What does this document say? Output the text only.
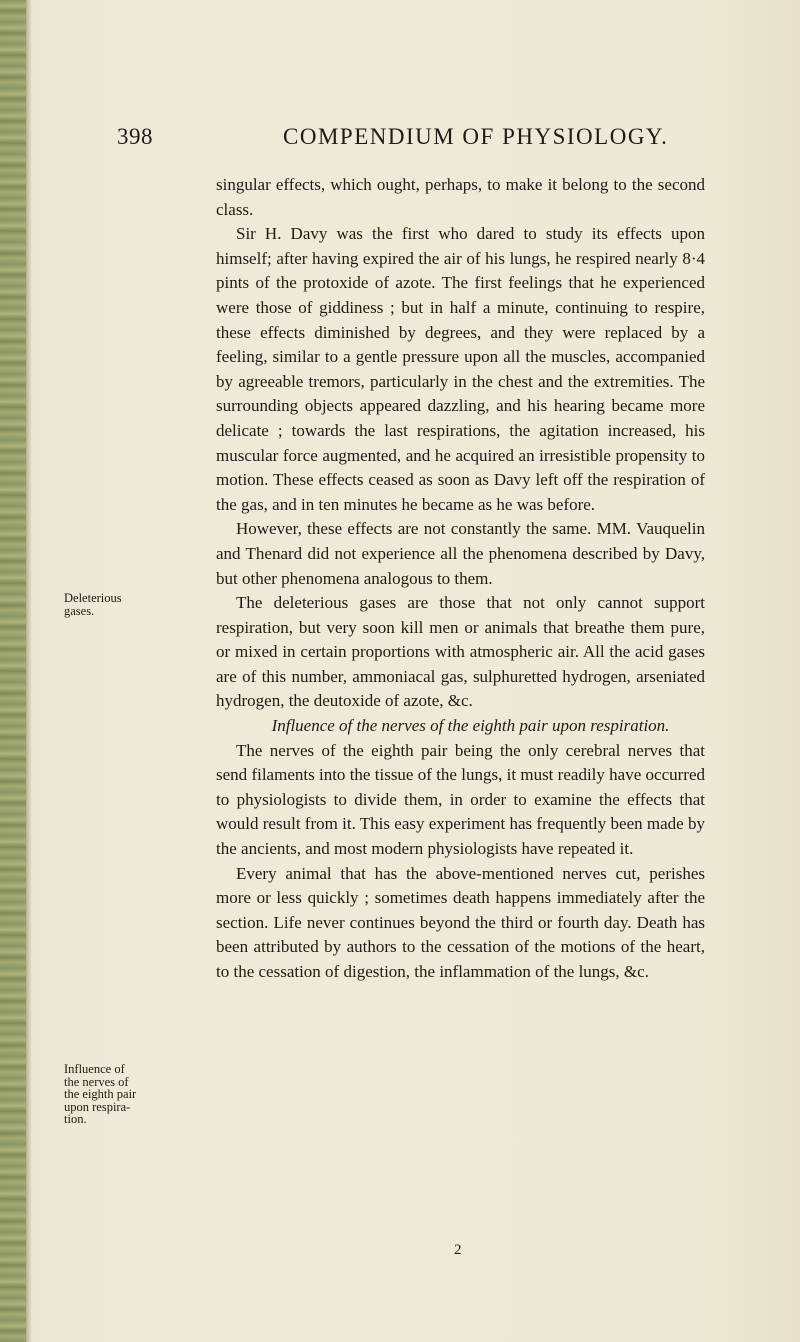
398	COMPENDIUM OF PHYSIOLOGY.

singular effects, which ought, perhaps, to make it belong to the second class.

Sir H. Davy was the first who dared to study its effects upon himself; after having expired the air of his lungs, he respired nearly 8·4 pints of the protoxide of azote. The first feelings that he experienced were those of giddiness ; but in half a minute, continuing to respire, these effects diminished by degrees, and they were replaced by a feeling, similar to a gentle pressure upon all the muscles, accompanied by agreeable tremors, particularly in the chest and the extremities. The surrounding objects appeared dazzling, and his hearing became more delicate ; towards the last respirations, the agitation increased, his muscular force augmented, and he acquired an irresistible propensity to motion. These effects ceased as soon as Davy left off the respiration of the gas, and in ten minutes he became as he was before.

However, these effects are not constantly the same. MM. Vauquelin and Thenard did not experience all the phenomena described by Davy, but other phenomena analogous to them.

The deleterious gases are those that not only cannot support respiration, but very soon kill men or animals that breathe them pure, or mixed in certain proportions with atmospheric air. All the acid gases are of this number, ammoniacal gas, sulphuretted hydrogen, arseniated hydrogen, the deutoxide of azote, &c.

Influence of the nerves of the eighth pair upon respiration.

The nerves of the eighth pair being the only cerebral nerves that send filaments into the tissue of the lungs, it must readily have occurred to physiologists to divide them, in order to examine the effects that would result from it. This easy experiment has frequently been made by the ancients, and most modern physiologists have repeated it.

Every animal that has the above-mentioned nerves cut, perishes more or less quickly ; sometimes death happens immediately after the section. Life never continues beyond the third or fourth day. Death has been attributed by authors to the cessation of the motions of the heart, to the cessation of digestion, the inflammation of the lungs, &c.

Deleterious
gases.
Influence of
the nerves of
the eighth pair
upon respira-
tion.
2
